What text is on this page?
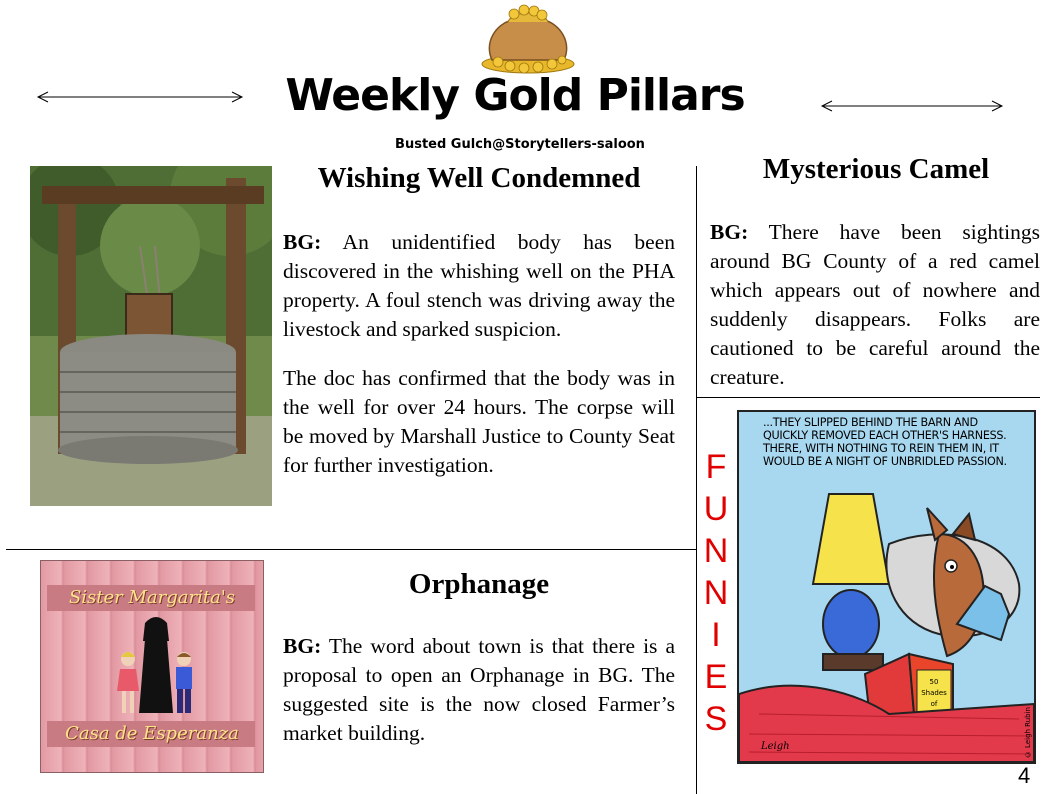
Weekly Gold Pillars
Busted Gulch@Storytellers-saloon
Wishing Well Condemned

BG: An unidentified body has been discovered in the whishing well on the PHA property. A foul stench was driving away the livestock and sparked suspicion.

The doc has confirmed that the body was in the well for over 24 hours. The corpse will be moved by Marshall Justice to County Seat for further investigation.

Mysterious Camel

BG: There have been sightings around BG County of a red camel which appears out of nowhere and suddenly disappears. Folks are cautioned to be careful around the creature.

Sister Margarita's
Casa de Esperanza
Orphanage

BG: The word about town is that there is a proposal to open an Orphanage in BG. The suggested site is the now closed Farmer’s market building.

F
U
N
N
I
E
S
...THEY SLIPPED BEHIND THE BARN AND
QUICKLY REMOVED EACH OTHER'S HARNESS.
THERE, WITH NOTHING TO REIN THEM IN, IT
WOULD BE A NIGHT OF UNBRIDLED PASSION.
50
Shades
of
Leigh	© Leigh Rubin
4
